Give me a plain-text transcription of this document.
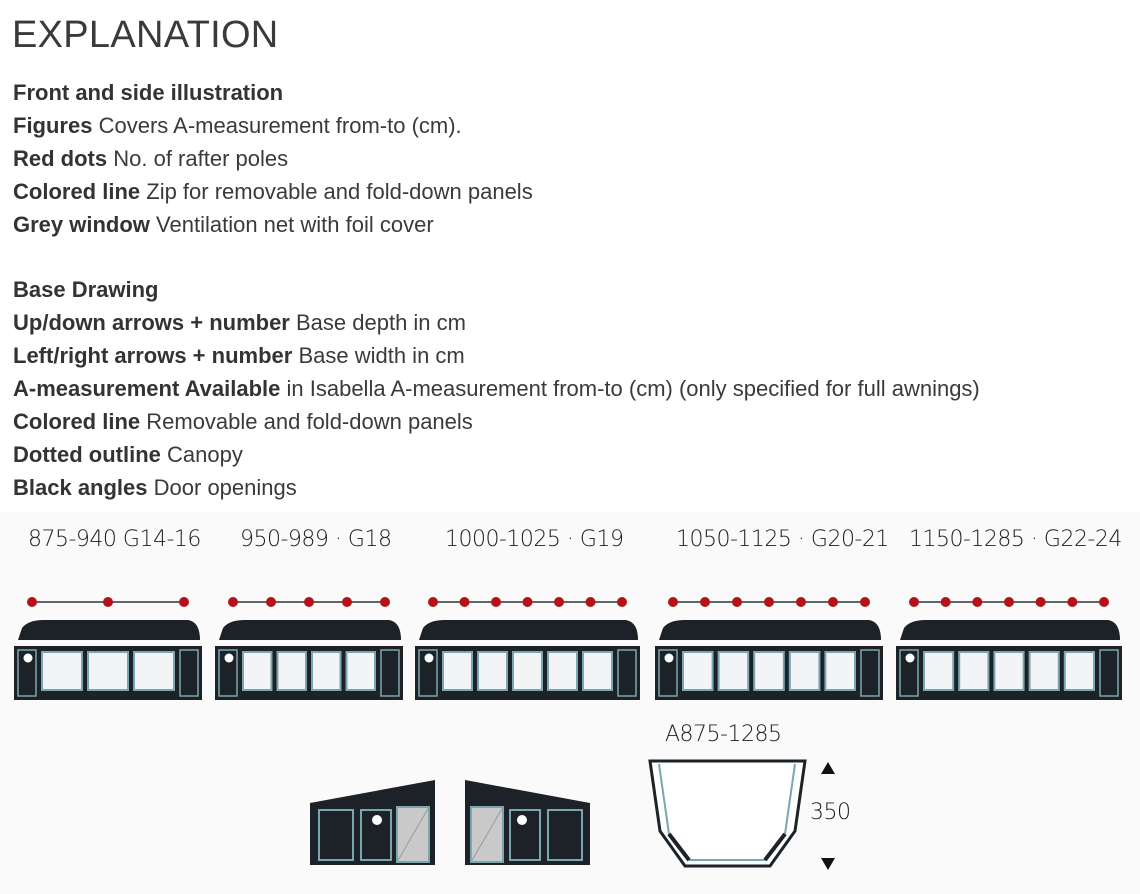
EXPLANATION
Front and side illustration
Figures Covers A-measurement from-to (cm).
Red dots No. of rafter poles
Colored line Zip for removable and fold-down panels
Grey window Ventilation net with foil cover
Base Drawing
Up/down arrows + number Base depth in cm
Left/right arrows + number Base width in cm
A-measurement Available in Isabella A-measurement from-to (cm) (only specified for full awnings)
Colored line Removable and fold-down panels
Dotted outline Canopy
Black angles Door openings
875-940 G14-16 950-989 · G18 1000-1025 · G19 1050-1125 · G20-21 1150-1285 · G22-24
A875-1285
350
